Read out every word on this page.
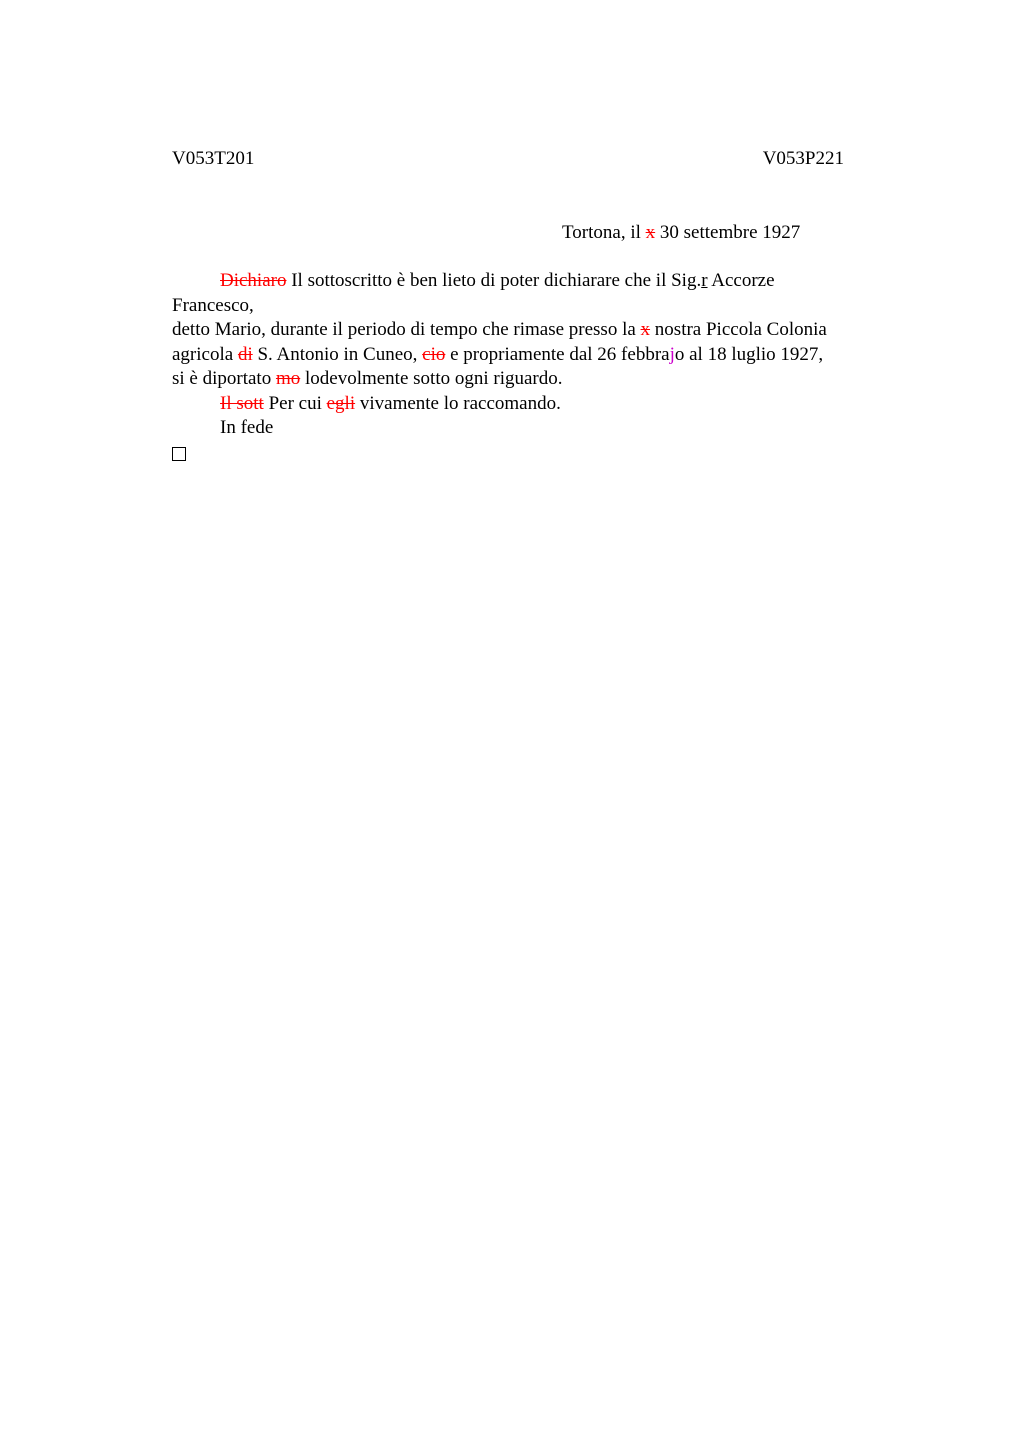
V053T201	V053P221
Tortona, il x 30 settembre 1927
Dichiaro Il sottoscritto è ben lieto di poter dichiarare che il Sig.r Accorze
Francesco,
detto Mario, durante il periodo di tempo che rimase presso la x nostra Piccola Colonia
agricola di S. Antonio in Cuneo, cio e propriamente dal 26 febbrajo al 18 luglio 1927,
si è diportato mo lodevolmente sotto ogni riguardo.
Il sott Per cui egli vivamente lo raccomando.
In fede
